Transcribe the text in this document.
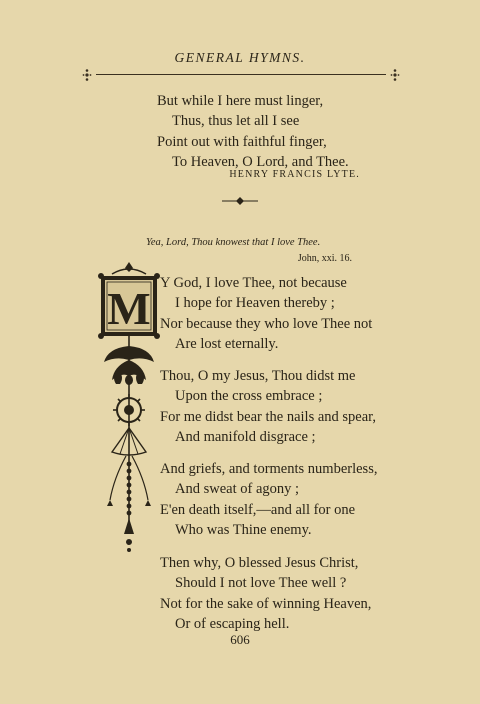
GENERAL HYMNS.
But while I here must linger,
Thus, thus let all I see
Point out with faithful finger,
To Heaven, O Lord, and Thee.
HENRY FRANCIS LYTE.
Yea, Lord, Thou knowest that I love Thee.
John, xxi. 16.
M Y God, I love Thee, not because
I hope for Heaven thereby ;
Nor because they who love Thee not
Are lost eternally.
Thou, O my Jesus, Thou didst me
Upon the cross embrace ;
For me didst bear the nails and spear,
And manifold disgrace ;
And griefs, and torments numberless,
And sweat of agony ;
E'en death itself,—and all for one
Who was Thine enemy.
Then why, O blessed Jesus Christ,
Should I not love Thee well ?
Not for the sake of winning Heaven,
Or of escaping hell.
606
